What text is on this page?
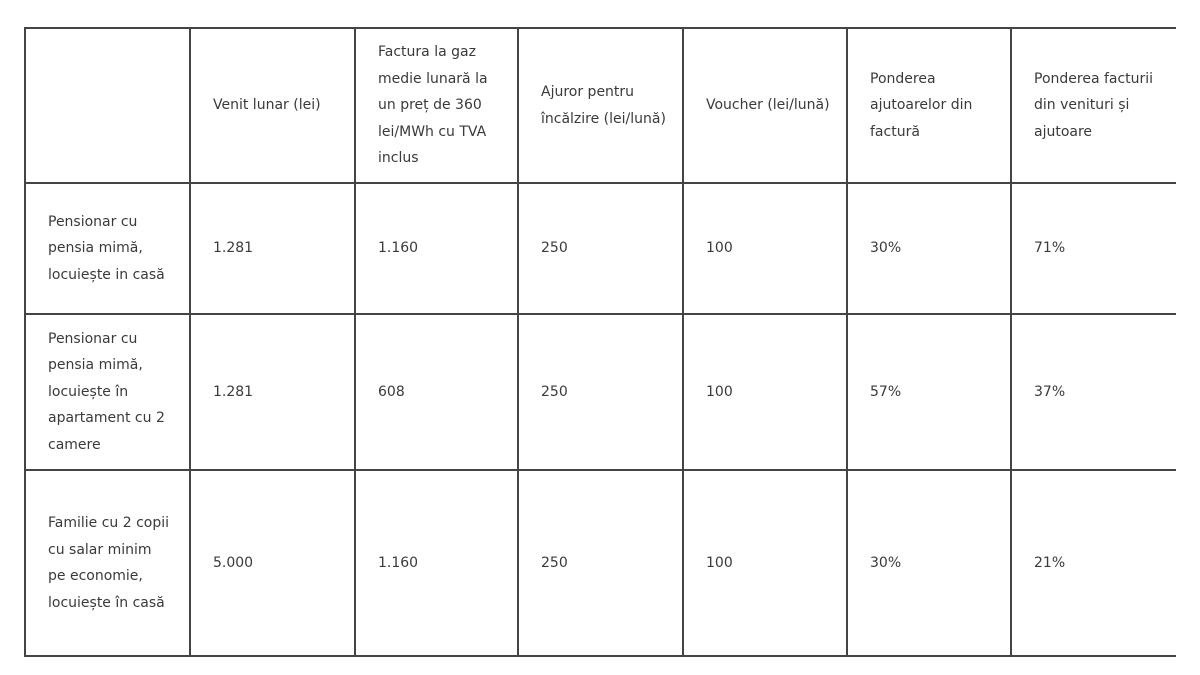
	Venit lunar (lei)	Factura la gaz medie lunară la un preț de 360 lei/MWh cu TVA inclus	Ajuror pentru încălzire (lei/lună)	Voucher (lei/lună)	Ponderea ajutoarelor din factură	Ponderea facturii din venituri și ajutoare
Pensionar cu pensia mimă, locuiește in casă	1.281	1.160	250	100	30%	71%
Pensionar cu pensia mimă, locuiește în apartament cu 2 camere	1.281	608	250	100	57%	37%
Familie cu 2 copii cu salar minim pe economie, locuiește în casă	5.000	1.160	250	100	30%	21%
